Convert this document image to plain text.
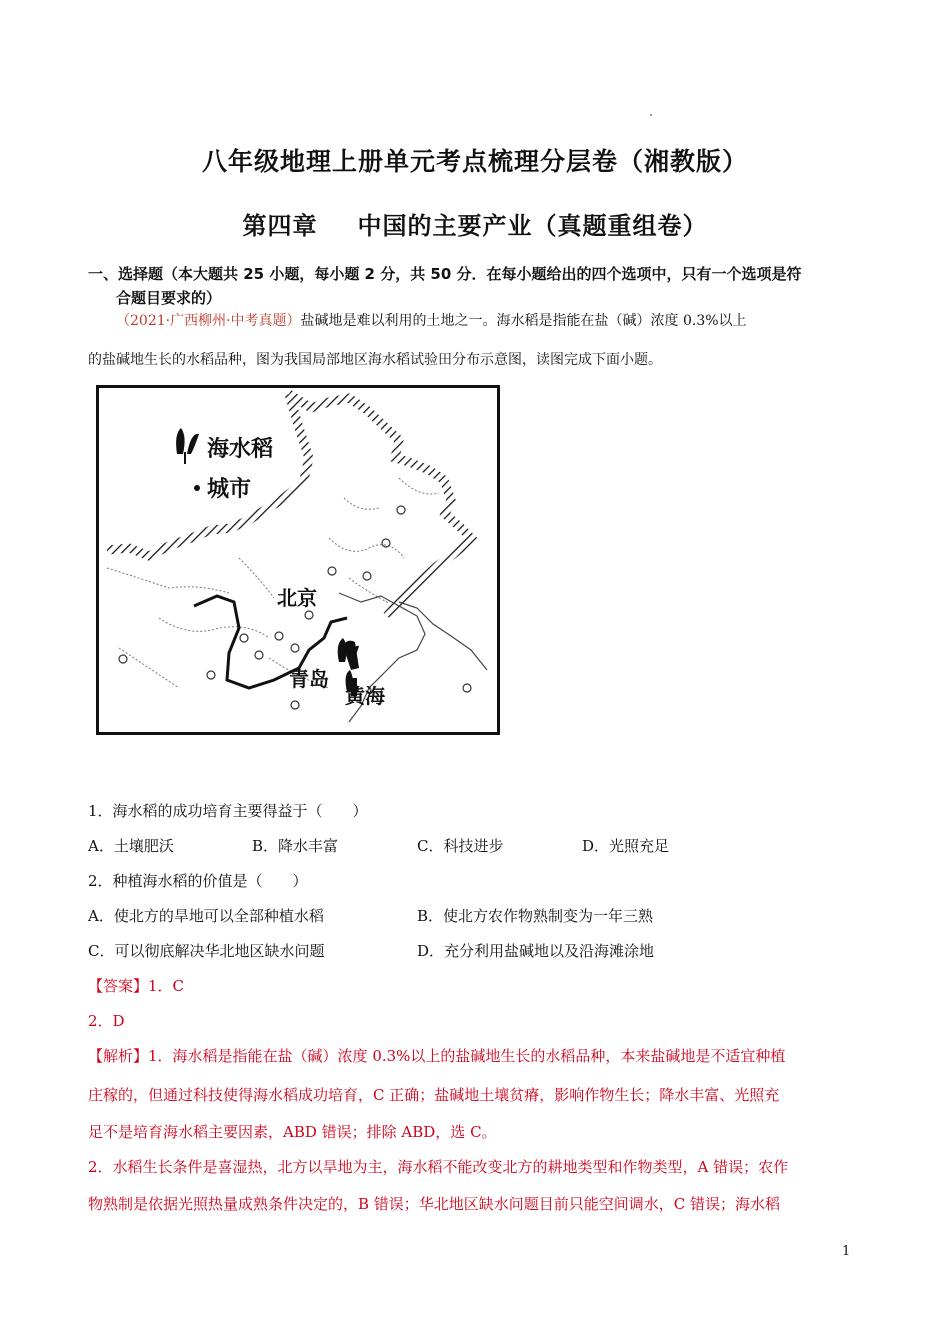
八年级地理上册单元考点梳理分层卷（湘教版）
第四章 中国的主要产业（真题重组卷）
一、选择题（本大题共 25 小题，每小题 2 分，共 50 分．在每小题给出的四个选项中，只有一个选项是符
合题目要求的）
（2021·广西柳州·中考真题）盐碱地是难以利用的土地之一。海水稻是指能在盐（碱）浓度 0.3%以上
的盐碱地生长的水稻品种，图为我国局部地区海水稻试验田分布示意图，读图完成下面小题。
海水稻
城市
北京
青岛
黄海
1．海水稻的成功培育主要得益于（　　）
A．土壤肥沃	B．降水丰富	C．科技进步	D．光照充足
2．种植海水稻的价值是（　　）
A．使北方的旱地可以全部种植水稻	B．使北方农作物熟制变为一年三熟
C．可以彻底解决华北地区缺水问题	D．充分利用盐碱地以及沿海滩涂地
【答案】1．C
2．D
【解析】1．海水稻是指能在盐（碱）浓度 0.3%以上的盐碱地生长的水稻品种，本来盐碱地是不适宜种植
庄稼的，但通过科技使得海水稻成功培育，C 正确；盐碱地土壤贫瘠，影响作物生长；降水丰富、光照充
足不是培育海水稻主要因素，ABD 错误；排除 ABD，选 C。
2．水稻生长条件是喜湿热，北方以旱地为主，海水稻不能改变北方的耕地类型和作物类型，A 错误；农作
物熟制是依据光照热量成熟条件决定的，B 错误；华北地区缺水问题目前只能空间调水，C 错误；海水稻
1
